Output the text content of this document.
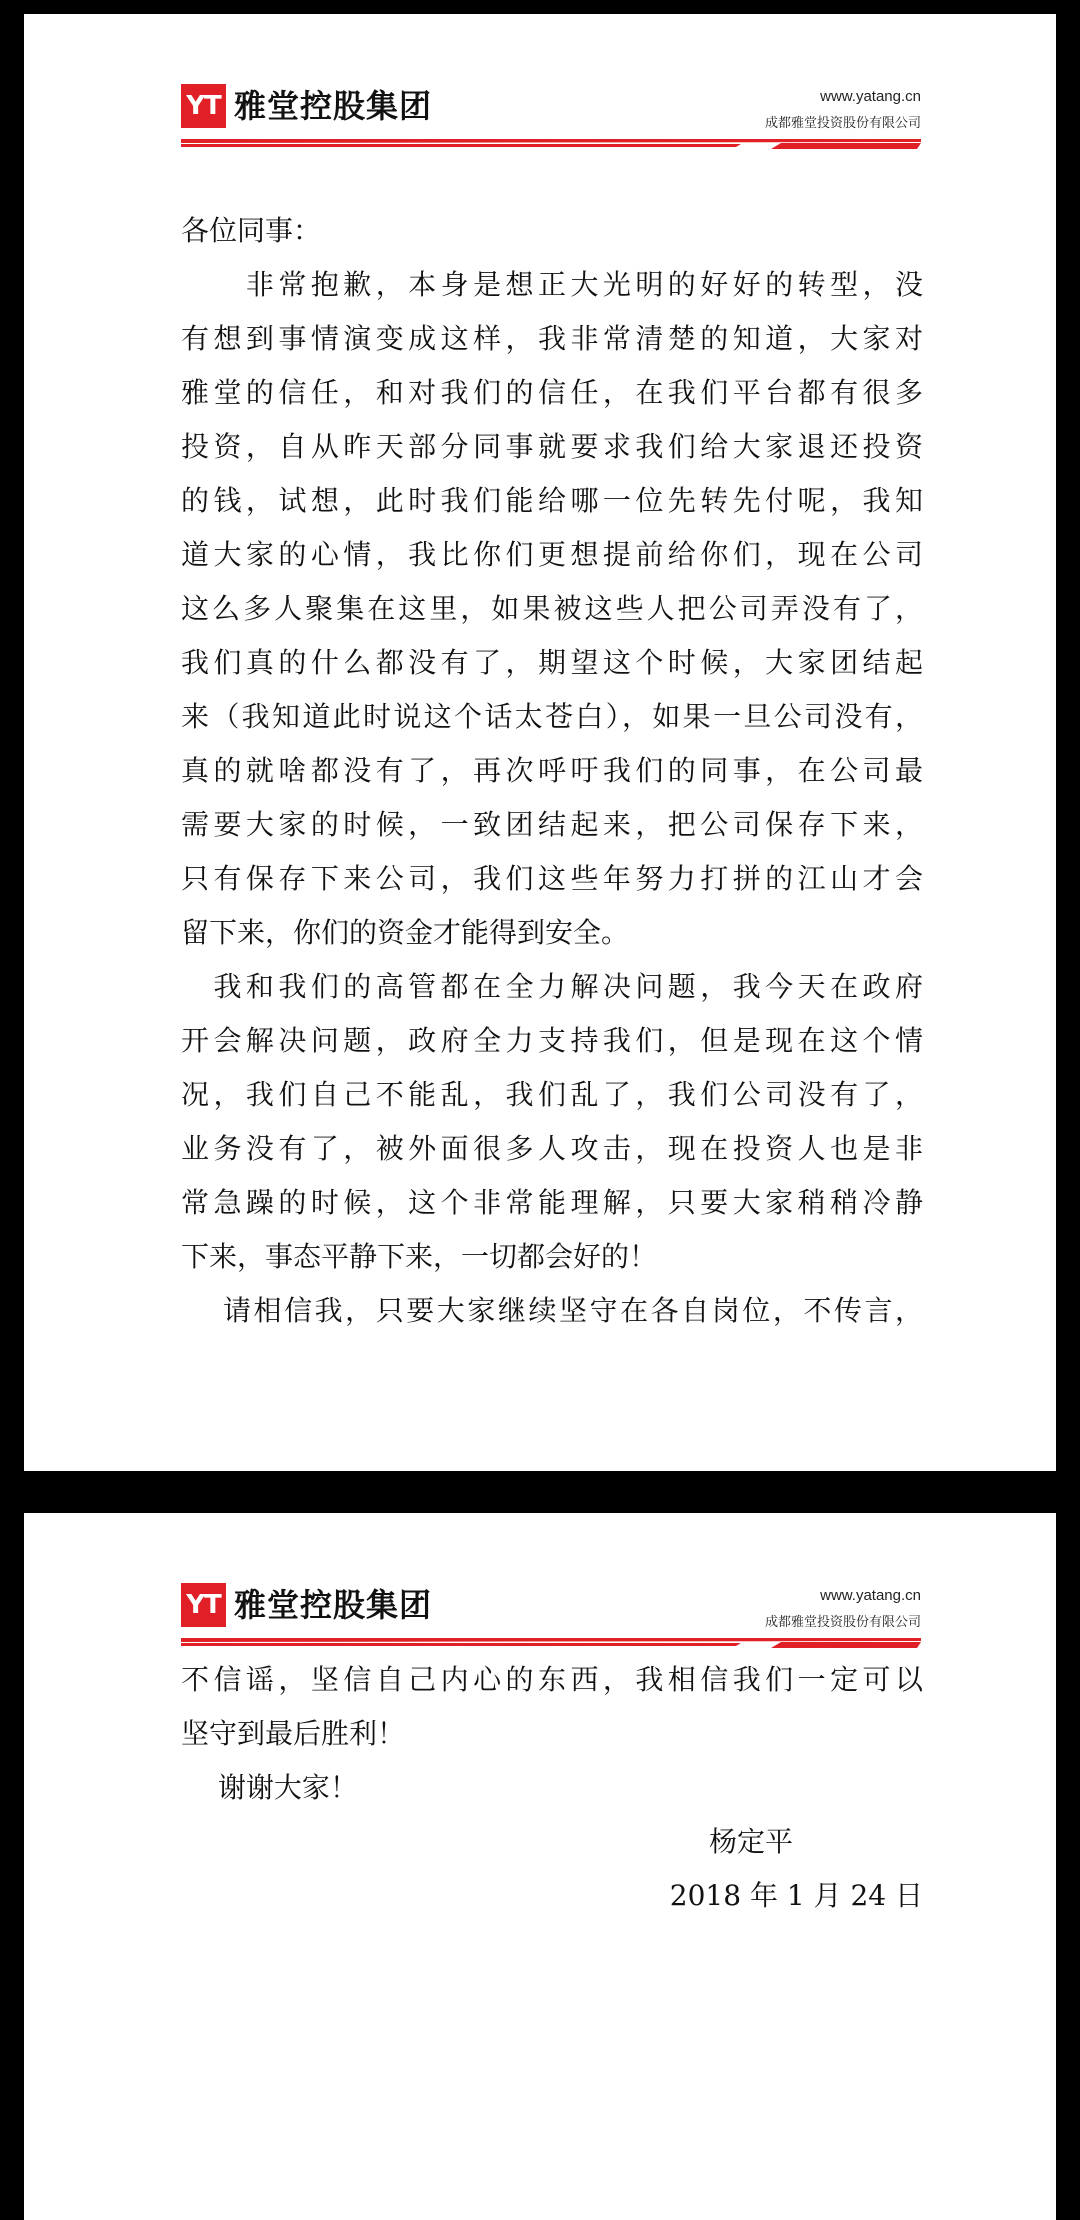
YT 雅堂控股集团	www.yatang.cn
成都雅堂投资股份有限公司

各位同事：

　　非常抱歉，本身是想正大光明的好好的转型，没
有想到事情演变成这样，我非常清楚的知道，大家对
雅堂的信任，和对我们的信任，在我们平台都有很多
投资，自从昨天部分同事就要求我们给大家退还投资
的钱，试想，此时我们能给哪一位先转先付呢，我知
道大家的心情，我比你们更想提前给你们，现在公司
这么多人聚集在这里，如果被这些人把公司弄没有了，
我们真的什么都没有了，期望这个时候，大家团结起
来（我知道此时说这个话太苍白），如果一旦公司没有，
真的就啥都没有了，再次呼吁我们的同事，在公司最
需要大家的时候，一致团结起来，把公司保存下来，
只有保存下来公司，我们这些年努力打拼的江山才会
留下来，你们的资金才能得到安全。

　我和我们的高管都在全力解决问题，我今天在政府
开会解决问题，政府全力支持我们，但是现在这个情
况，我们自己不能乱，我们乱了，我们公司没有了，
业务没有了，被外面很多人攻击，现在投资人也是非
常急躁的时候，这个非常能理解，只要大家稍稍冷静
下来，事态平静下来，一切都会好的！

　 请相信我，只要大家继续坚守在各自岗位，不传言，

YT 雅堂控股集团	www.yatang.cn
成都雅堂投资股份有限公司

不信谣，坚信自己内心的东西，我相信我们一定可以
坚守到最后胜利！

　 谢谢大家！

杨定平
2018 年 1 月 24 日
